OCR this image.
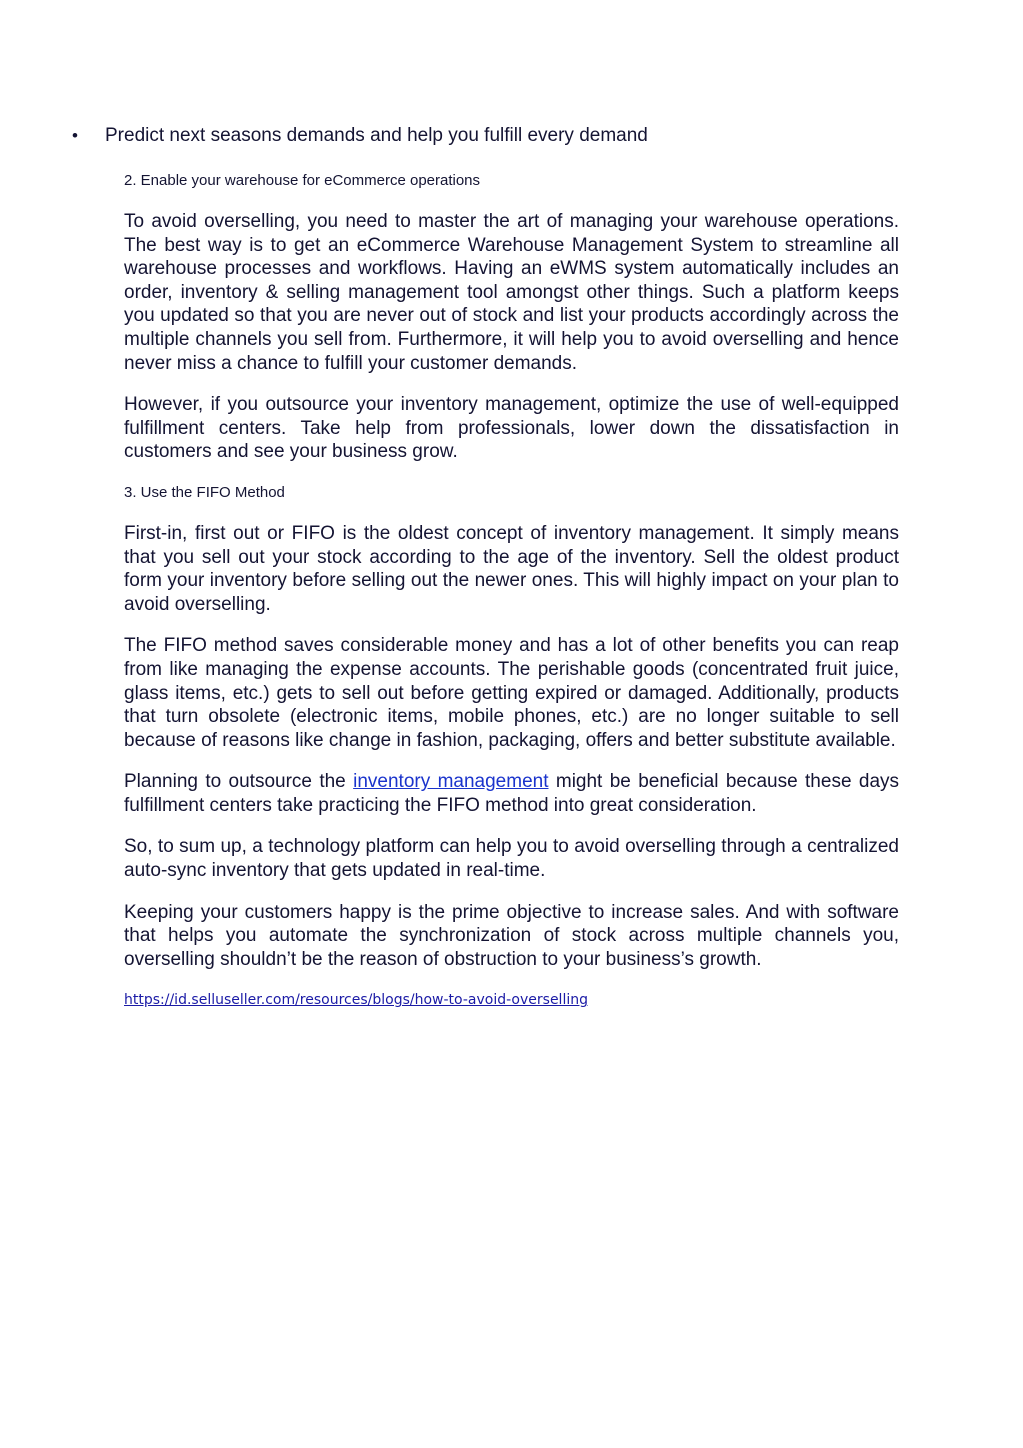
• Predict next seasons demands and help you fulfill every demand
2. Enable your warehouse for eCommerce operations

To avoid overselling, you need to master the art of managing your warehouse operations. The best way is to get an eCommerce Warehouse Management System to streamline all warehouse processes and workflows. Having an eWMS system automatically includes an order, inventory & selling management tool amongst other things. Such a platform keeps you updated so that you are never out of stock and list your products accordingly across the multiple channels you sell from. Furthermore, it will help you to avoid overselling and hence never miss a chance to fulfill your customer demands.

However, if you outsource your inventory management, optimize the use of well-equipped fulfillment centers. Take help from professionals, lower down the dissatisfaction in customers and see your business grow.

3. Use the FIFO Method

First-in, first out or FIFO is the oldest concept of inventory management. It simply means that you sell out your stock according to the age of the inventory. Sell the oldest product form your inventory before selling out the newer ones. This will highly impact on your plan to avoid overselling.

The FIFO method saves considerable money and has a lot of other benefits you can reap from like managing the expense accounts. The perishable goods (concentrated fruit juice, glass items, etc.) gets to sell out before getting expired or damaged. Additionally, products that turn obsolete (electronic items, mobile phones, etc.) are no longer suitable to sell because of reasons like change in fashion, packaging, offers and better substitute available.

Planning to outsource the inventory management might be beneficial because these days fulfillment centers take practicing the FIFO method into great consideration.

So, to sum up, a technology platform can help you to avoid overselling through a centralized auto-sync inventory that gets updated in real-time.

Keeping your customers happy is the prime objective to increase sales. And with software that helps you automate the synchronization of stock across multiple channels you, overselling shouldn’t be the reason of obstruction to your business’s growth.

https://id.selluseller.com/resources/blogs/how-to-avoid-overselling
